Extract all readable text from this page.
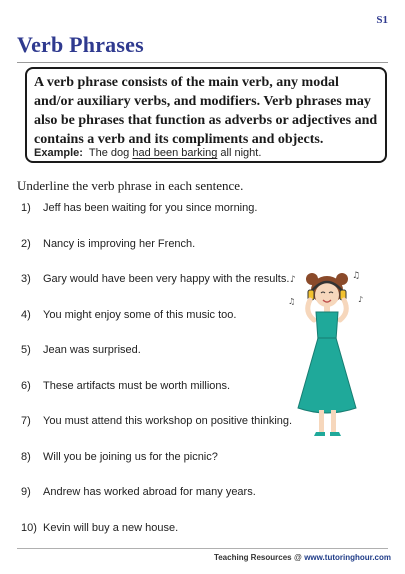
S1
Verb Phrases

A verb phrase consists of the main verb, any modal and/or auxiliary verbs, and modifiers. Verb phrases may also be phrases that function as adverbs or adjectives and contains a verb and its compliments and objects.

Example: The dog had been barking all night.
Underline the verb phrase in each sentence.
1) Jeff has been waiting for you since morning.
2) Nancy is improving her French.
3) Gary would have been very happy with the results.
4) You might enjoy some of this music too.
5) Jean was surprised.
6) These artifacts must be worth millions.
7) You must attend this workshop on positive thinking.
8) Will you be joining us for the picnic?
9) Andrew has worked abroad for many years.
10) Kevin will buy a new house.
♪	♫
♫	♪
Teaching Resources @ www.tutoringhour.com
